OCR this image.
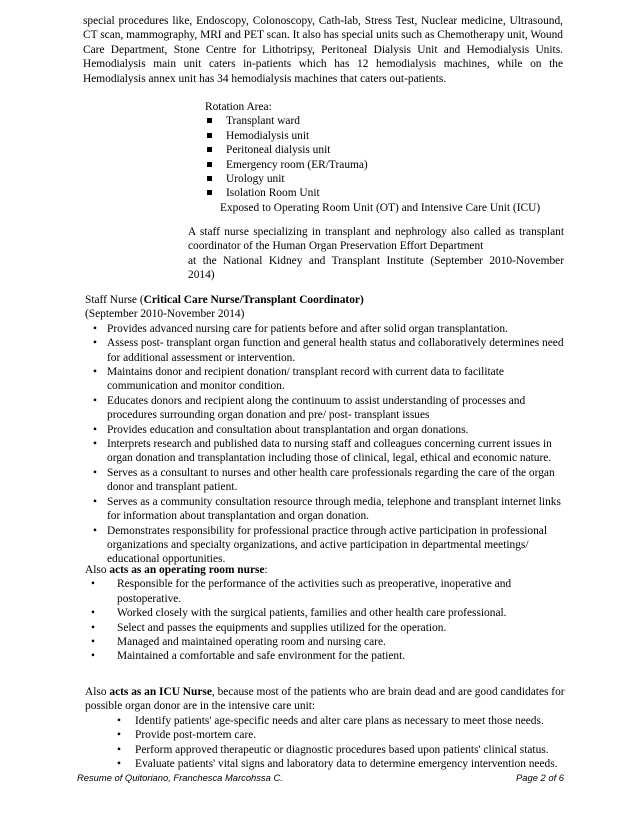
special procedures like, Endoscopy, Colonoscopy, Cath-lab, Stress Test, Nuclear medicine, Ultrasound, CT scan, mammography, MRI and PET scan. It also has special units such as Chemotherapy unit, Wound Care Department, Stone Centre for Lithotripsy, Peritoneal Dialysis Unit and Hemodialysis Units. Hemodialysis main unit caters in-patients which has 12 hemodialysis machines, while on the Hemodialysis annex unit has 34 hemodialysis machines that caters out-patients.

Rotation Area:
Transplant ward
Hemodialysis unit
Peritoneal dialysis unit
Emergency room (ER/Trauma)
Urology unit
Isolation Room Unit
Exposed to Operating Room Unit (OT) and Intensive Care Unit (ICU)
A staff nurse specializing in transplant and nephrology also called as transplant
coordinator of the Human Organ Preservation Effort Department
at the National Kidney and Transplant Institute (September 2010-November 2014)
Staff Nurse (Critical Care Nurse/Transplant Coordinator)
(September 2010-November 2014)
• Provides advanced nursing care for patients before and after solid organ transplantation.
• Assess post- transplant organ function and general health status and collaboratively determines need for additional assessment or intervention.
• Maintains donor and recipient donation/ transplant record with current data to facilitate communication and monitor condition.
• Educates donors and recipient along the continuum to assist understanding of processes and procedures surrounding organ donation and pre/ post- transplant issues
• Provides education and consultation about transplantation and organ donations.
• Interprets research and published data to nursing staff and colleagues concerning current issues in organ donation and transplantation including those of clinical, legal, ethical and economic nature.
• Serves as a consultant to nurses and other health care professionals regarding the care of the organ donor and transplant patient.
• Serves as a community consultation resource through media, telephone and transplant internet links for information about transplantation and organ donation.
• Demonstrates responsibility for professional practice through active participation in professional organizations and specialty organizations, and active participation in departmental meetings/ educational opportunities.
Also acts as an operating room nurse:
• Responsible for the performance of the activities such as preoperative, inoperative and postoperative.
• Worked closely with the surgical patients, families and other health care professional.
• Select and passes the equipments and supplies utilized for the operation.
• Managed and maintained operating room and nursing care.
• Maintained a comfortable and safe environment for the patient.
Also acts as an ICU Nurse, because most of the patients who are brain dead and are good candidates for possible organ donor are in the intensive care unit:
• Identify patients' age-specific needs and alter care plans as necessary to meet those needs.
• Provide post-mortem care.
• Perform approved therapeutic or diagnostic procedures based upon patients' clinical status.
• Evaluate patients' vital signs and laboratory data to determine emergency intervention needs.
Resume of Quitoriano, Franchesca Marcohssa C.	Page 2 of 6
